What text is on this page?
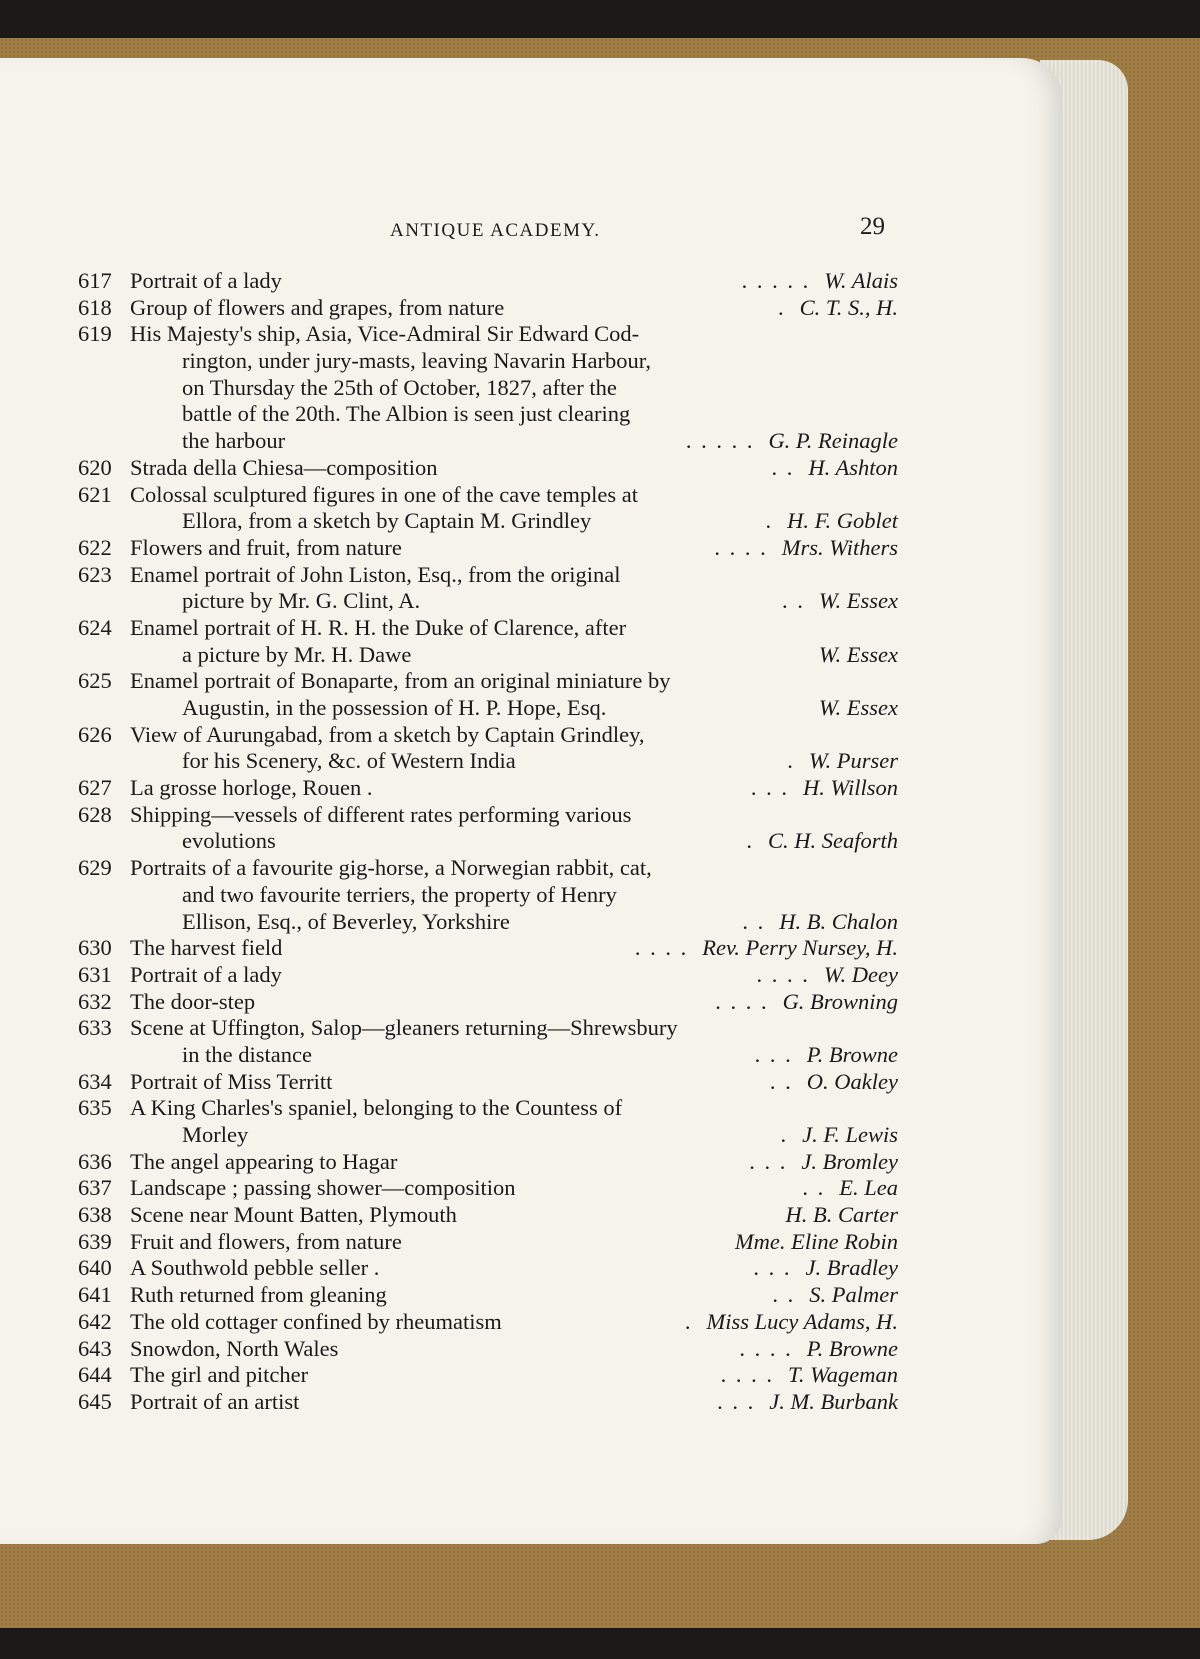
ANTIQUE ACADEMY.	29
617 Portrait of a lady	. . . . . W. Alais
618 Group of flowers and grapes, from nature	. C. T. S., H.
619 His Majesty's ship, Asia, Vice-Admiral Sir Edward Cod-
rington, under jury-masts, leaving Navarin Harbour,
on Thursday the 25th of October, 1827, after the
battle of the 20th. The Albion is seen just clearing
the harbour	. . . . . G. P. Reinagle
620 Strada della Chiesa—composition	. . H. Ashton
621 Colossal sculptured figures in one of the cave temples at
Ellora, from a sketch by Captain M. Grindley	. H. F. Goblet
622 Flowers and fruit, from nature	. . . . Mrs. Withers
623 Enamel portrait of John Liston, Esq., from the original
picture by Mr. G. Clint, A.	. . W. Essex
624 Enamel portrait of H. R. H. the Duke of Clarence, after
a picture by Mr. H. Dawe	W. Essex
625 Enamel portrait of Bonaparte, from an original miniature by
Augustin, in the possession of H. P. Hope, Esq.	W. Essex
626 View of Aurungabad, from a sketch by Captain Grindley,
for his Scenery, &c. of Western India	. W. Purser
627 La grosse horloge, Rouen .	. . . H. Willson
628 Shipping—vessels of different rates performing various
evolutions	. C. H. Seaforth
629 Portraits of a favourite gig-horse, a Norwegian rabbit, cat,
and two favourite terriers, the property of Henry
Ellison, Esq., of Beverley, Yorkshire	. . H. B. Chalon
630 The harvest field	. . . . Rev. Perry Nursey, H.
631 Portrait of a lady	. . . . W. Deey
632 The door-step	. . . . G. Browning
633 Scene at Uffington, Salop—gleaners returning—Shrewsbury
in the distance	. . . P. Browne
634 Portrait of Miss Territt	. . O. Oakley
635 A King Charles's spaniel, belonging to the Countess of
Morley	. J. F. Lewis
636 The angel appearing to Hagar	. . . J. Bromley
637 Landscape ; passing shower—composition	. . E. Lea
638 Scene near Mount Batten, Plymouth	H. B. Carter
639 Fruit and flowers, from nature	Mme. Eline Robin
640 A Southwold pebble seller .	. . . J. Bradley
641 Ruth returned from gleaning	. . S. Palmer
642 The old cottager confined by rheumatism	. Miss Lucy Adams, H.
643 Snowdon, North Wales	. . . . P. Browne
644 The girl and pitcher	. . . . T. Wageman
645 Portrait of an artist	. . . J. M. Burbank
